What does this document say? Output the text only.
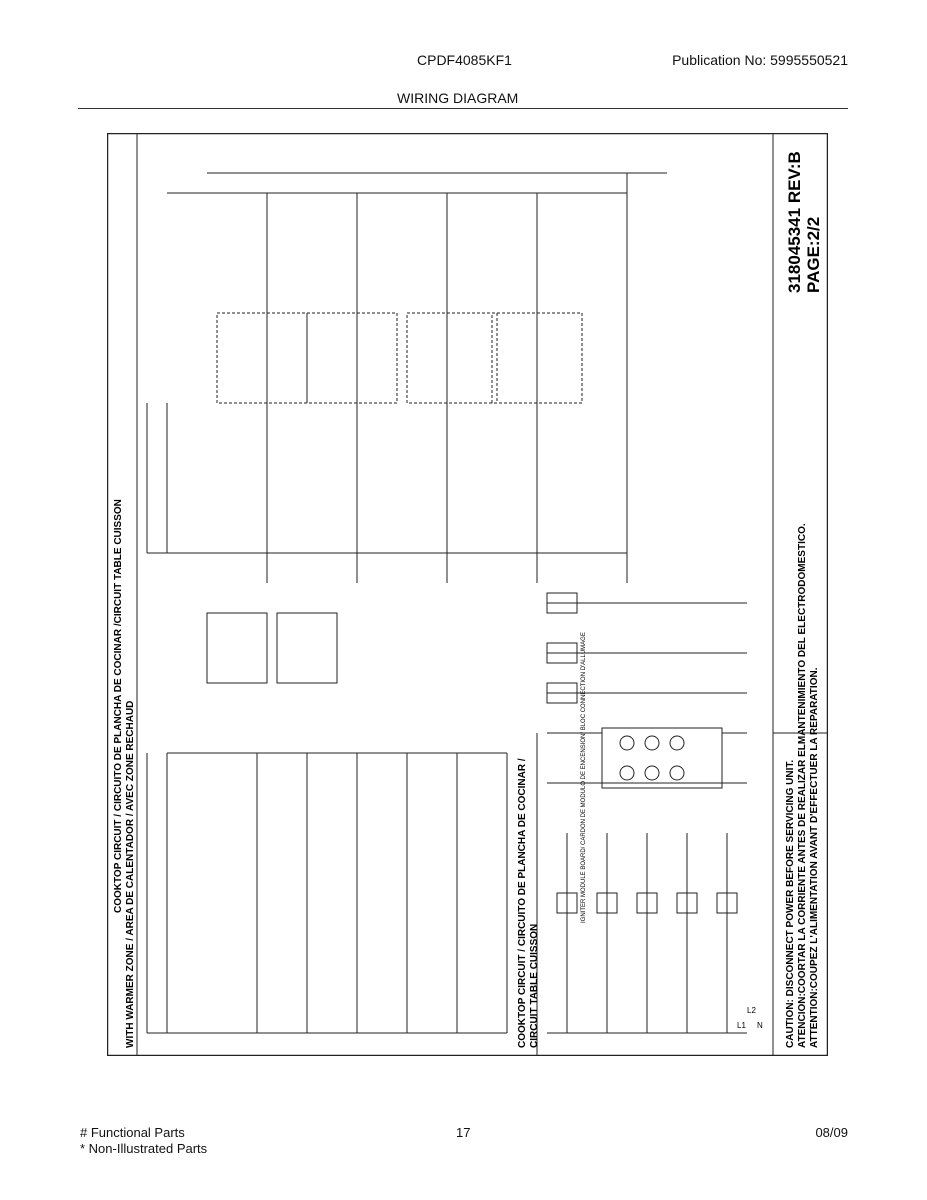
CPDF4085KF1	Publication No: 5995550521
WIRING DIAGRAM
COOKTOP CIRCUIT / CIRCUITO DE PLANCHA DE COCINAR /CIRCUIT TABLE CUISSON WITH WARMER ZONE / AREA DE CALENTADOR / AVEC ZONE RECHAUD	COOKTOP CIRCUIT / CIRCUITO DE PLANCHA DE COCINAR / CIRCUIT TABLE CUISSON
318045341 REV:B PAGE:2/2
CAUTION: DISCONNECT POWER BEFORE SERVICING UNIT. ATENCION:COORTAR LA CORRIENTE ANTES DE REALIZAR ELMANTENIMIENTO DEL ELECTRODOMESTICO. ATTENTION:COUPEZ L'ALIMENTATION AVANT D'EFFECTUER LA REPARATION.
IGNITER MODULE BOARD/ CARDON DE MODULO DE ENCENSION/ BLOC CONNECTION D'ALLUMAGE
L1 N
L2
# Functional Parts
* Non-Illustrated Parts
17	08/09
